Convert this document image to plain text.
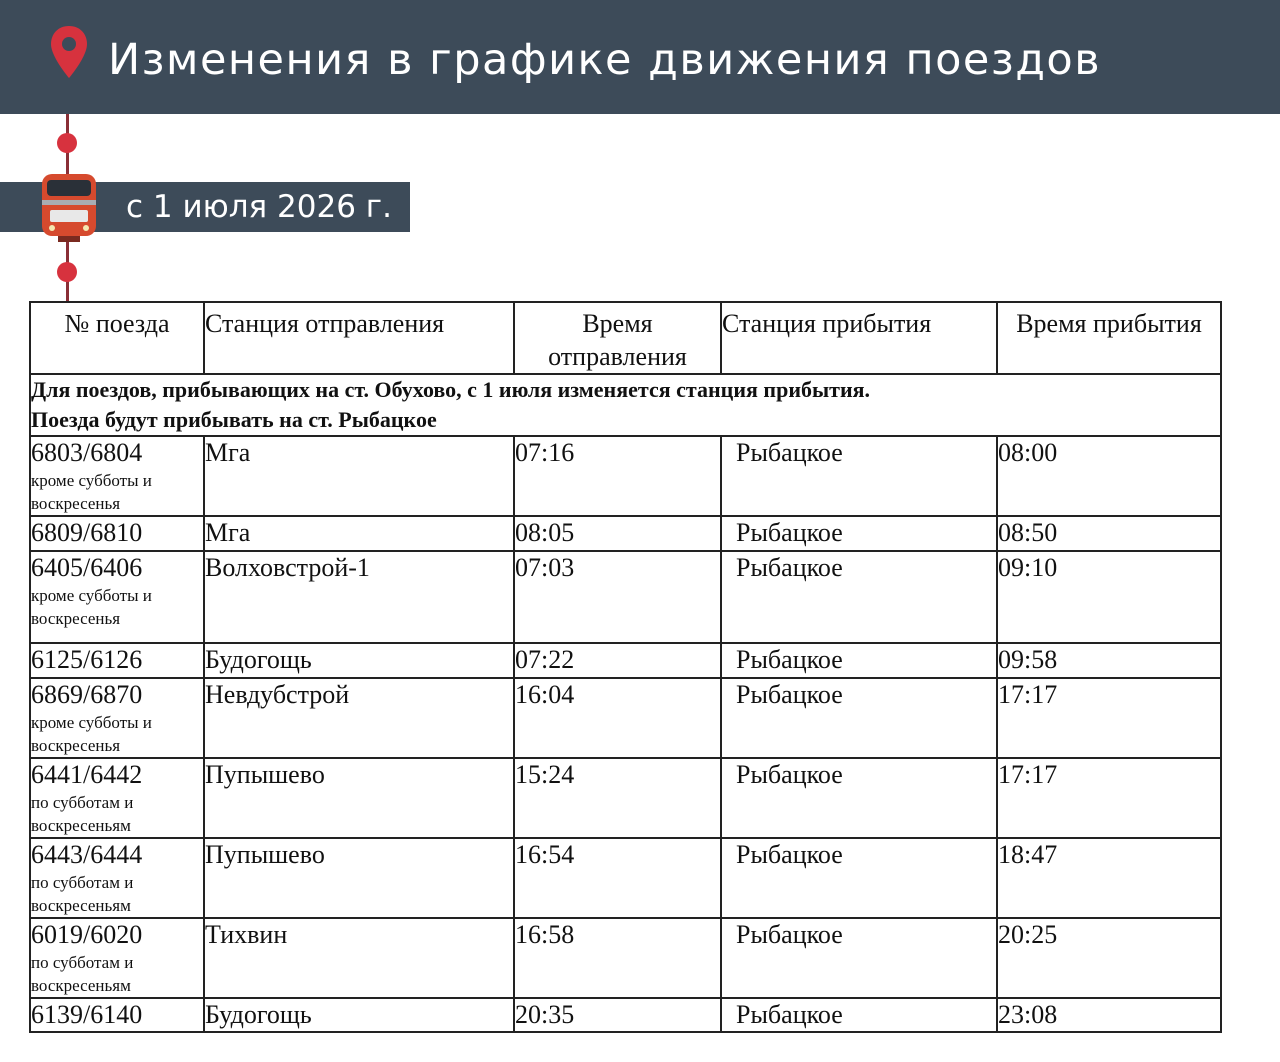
Изменения в графике движения поездов
с 1 июля 2026 г.
№ поезда	Станция отправления	Время отправления	Станция прибытия	Время прибытия

Для поездов, прибывающих на ст. Обухово, с 1 июля изменяется станция прибытия.
Поезда будут прибывать на ст. Рыбацкое				

6803/6804
кроме субботы и воскресенья	Мга	07:16	Рыбацкое	08:00

6809/6810	Мга	08:05	Рыбацкое	08:50

6405/6406
кроме субботы и воскресенья	Волховстрой-1	07:03	Рыбацкое	09:10

6125/6126	Будогощь	07:22	Рыбацкое	09:58

6869/6870
кроме субботы и воскресенья	Невдубстрой	16:04	Рыбацкое	17:17

6441/6442
по субботам и воскресеньям	Пупышево	15:24	Рыбацкое	17:17

6443/6444
по субботам и воскресеньям	Пупышево	16:54	Рыбацкое	18:47

6019/6020
по субботам и воскресеньям	Тихвин	16:58	Рыбацкое	20:25

6139/6140	Будогощь	20:35	Рыбацкое	23:08
